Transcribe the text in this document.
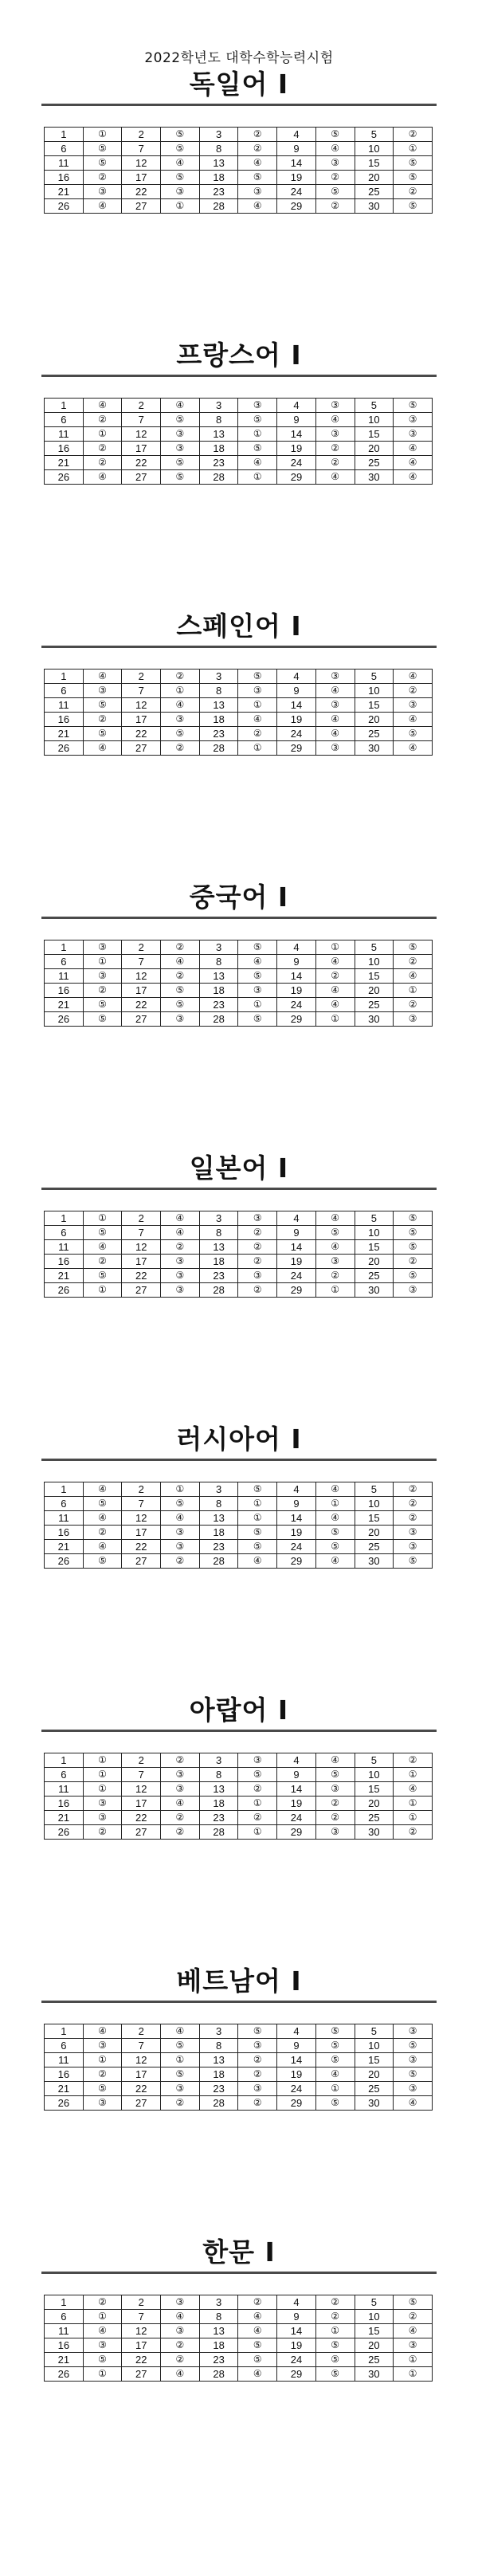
2022학년도 대학수학능력시험
독일어 Ⅰ
1	①	2	⑤	3	②	4	⑤	5	②
6	⑤	7	⑤	8	②	9	④	10	①
11	⑤	12	④	13	④	14	③	15	⑤
16	②	17	⑤	18	⑤	19	②	20	⑤
21	③	22	③	23	③	24	⑤	25	②
26	④	27	①	28	④	29	②	30	⑤
프랑스어 Ⅰ
1	④	2	④	3	③	4	③	5	⑤
6	②	7	⑤	8	⑤	9	④	10	③
11	①	12	③	13	①	14	③	15	③
16	②	17	③	18	⑤	19	②	20	④
21	②	22	⑤	23	④	24	②	25	④
26	④	27	⑤	28	①	29	④	30	④
스페인어 Ⅰ
1	④	2	②	3	⑤	4	③	5	④
6	③	7	①	8	③	9	④	10	②
11	⑤	12	④	13	①	14	③	15	③
16	②	17	③	18	④	19	④	20	④
21	⑤	22	⑤	23	②	24	④	25	⑤
26	④	27	②	28	①	29	③	30	④
중국어 Ⅰ
1	③	2	②	3	⑤	4	①	5	⑤
6	①	7	④	8	④	9	④	10	②
11	③	12	②	13	⑤	14	②	15	④
16	②	17	⑤	18	③	19	④	20	①
21	⑤	22	⑤	23	①	24	④	25	②
26	⑤	27	③	28	⑤	29	①	30	③
일본어 Ⅰ
1	①	2	④	3	③	4	④	5	⑤
6	⑤	7	④	8	②	9	⑤	10	⑤
11	④	12	②	13	②	14	④	15	⑤
16	②	17	③	18	②	19	③	20	②
21	⑤	22	③	23	③	24	②	25	⑤
26	①	27	③	28	②	29	①	30	③
러시아어 Ⅰ
1	④	2	①	3	⑤	4	④	5	②
6	⑤	7	⑤	8	①	9	①	10	②
11	④	12	④	13	①	14	④	15	②
16	②	17	③	18	⑤	19	⑤	20	③
21	④	22	③	23	⑤	24	⑤	25	③
26	⑤	27	②	28	④	29	④	30	⑤
아랍어 Ⅰ
1	①	2	②	3	③	4	④	5	②
6	①	7	③	8	⑤	9	⑤	10	①
11	①	12	③	13	②	14	③	15	④
16	③	17	④	18	①	19	②	20	①
21	③	22	②	23	②	24	②	25	①
26	②	27	②	28	①	29	③	30	②
베트남어 Ⅰ
1	④	2	④	3	⑤	4	⑤	5	③
6	③	7	⑤	8	③	9	⑤	10	⑤
11	①	12	①	13	②	14	⑤	15	③
16	②	17	⑤	18	②	19	④	20	⑤
21	⑤	22	③	23	③	24	①	25	③
26	③	27	②	28	②	29	⑤	30	④
한문 Ⅰ
1	②	2	③	3	②	4	②	5	⑤
6	①	7	④	8	④	9	②	10	②
11	④	12	③	13	④	14	①	15	④
16	③	17	②	18	⑤	19	⑤	20	③
21	⑤	22	②	23	⑤	24	⑤	25	①
26	①	27	④	28	④	29	⑤	30	①
